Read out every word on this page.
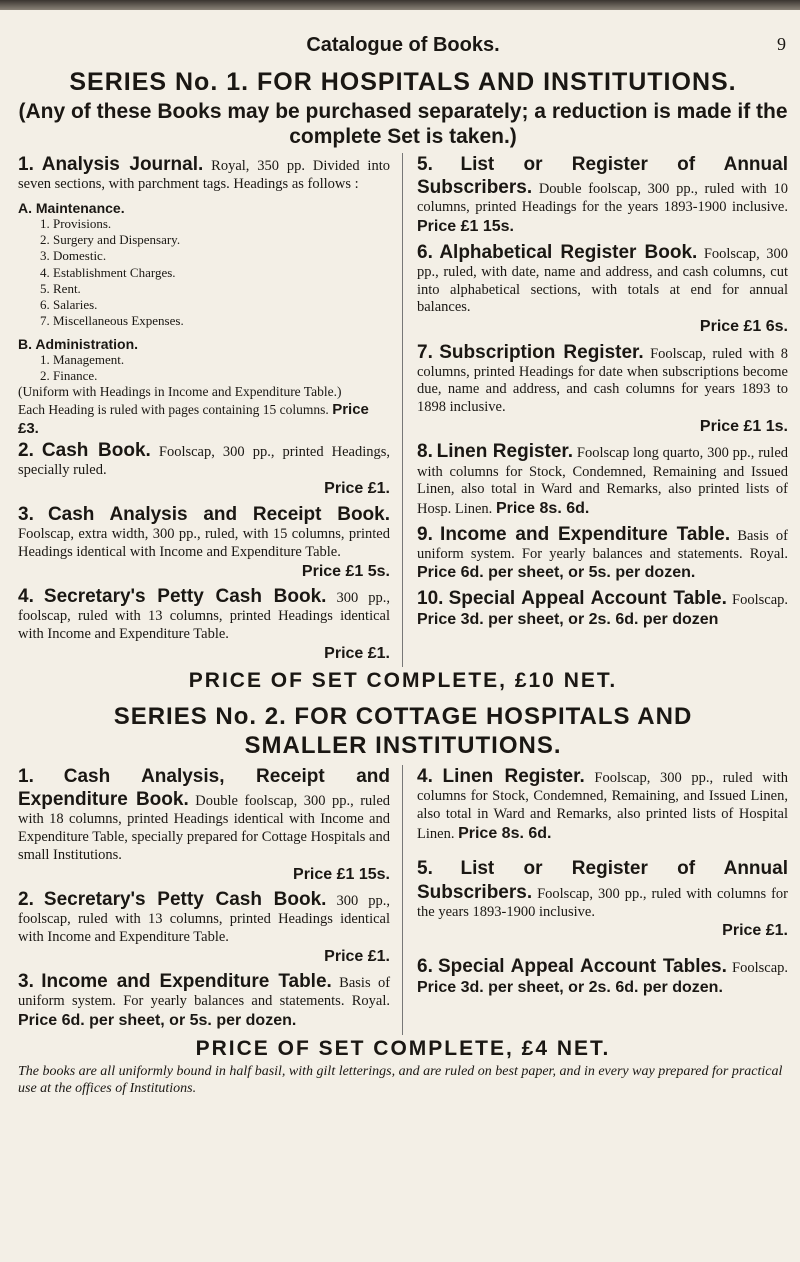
Catalogue of Books.	9
SERIES No. 1. FOR HOSPITALS AND INSTITUTIONS.
(Any of these Books may be purchased separately; a reduction is made if the complete Set is taken.)
1. Analysis Journal. Royal, 350 pp. Divided into seven sections, with parchment tags. Headings as follows :
A. Maintenance.
1. Provisions.
2. Surgery and Dispensary.
3. Domestic.
4. Establishment Charges.
5. Rent.
6. Salaries.
7. Miscellaneous Expenses.
B. Administration.
1. Management.
2. Finance.
(Uniform with Headings in Income and Expenditure Table.)
Each Heading is ruled with pages containing 15 columns. Price £3.
2. Cash Book. Foolscap, 300 pp., printed Headings, specially ruled.
Price £1.
3. Cash Analysis and Receipt Book. Foolscap, extra width, 300 pp., ruled, with 15 columns, printed Headings identical with Income and Expenditure Table.
Price £1 5s.
4. Secretary's Petty Cash Book. 300 pp., foolscap, ruled with 13 columns, printed Headings identical with Income and Expenditure Table.
Price £1.
5. List or Register of Annual Subscribers. Double foolscap, 300 pp., ruled with 10 columns, printed Headings for the years 1893-1900 inclusive. Price £1 15s.
6. Alphabetical Register Book. Foolscap, 300 pp., ruled, with date, name and address, and cash columns, cut into alphabetical sections, with totals at end for annual balances.
Price £1 6s.
7. Subscription Register. Foolscap, ruled with 8 columns, printed Headings for date when subscriptions become due, name and address, and cash columns for years 1893 to 1898 inclusive.
Price £1 1s.
8. Linen Register. Foolscap long quarto, 300 pp., ruled with columns for Stock, Condemned, Remaining and Issued Linen, also total in Ward and Remarks, also printed lists of Hosp. Linen. Price 8s. 6d.
9. Income and Expenditure Table. Basis of uniform system. For yearly balances and statements. Royal. Price 6d. per sheet, or 5s. per dozen.
10. Special Appeal Account Table. Foolscap. Price 3d. per sheet, or 2s. 6d. per dozen
PRICE OF SET COMPLETE, £10 NET.
SERIES No. 2. FOR COTTAGE HOSPITALS AND
SMALLER INSTITUTIONS.
1. Cash Analysis, Receipt and Expenditure Book. Double foolscap, 300 pp., ruled with 18 columns, printed Headings identical with Income and Expenditure Table, specially prepared for Cottage Hospitals and small Institutions.
Price £1 15s.
2. Secretary's Petty Cash Book. 300 pp., foolscap, ruled with 13 columns, printed Headings identical with Income and Expenditure Table.
Price £1.
3. Income and Expenditure Table. Basis of uniform system. For yearly balances and statements. Royal. Price 6d. per sheet, or 5s. per dozen.
4. Linen Register. Foolscap, 300 pp., ruled with columns for Stock, Condemned, Remaining, and Issued Linen, also total in Ward and Remarks, also printed lists of Hospital Linen. Price 8s. 6d.
5. List or Register of Annual Subscribers. Foolscap, 300 pp., ruled with columns for the years 1893-1900 inclusive.
Price £1.
6. Special Appeal Account Tables. Foolscap. Price 3d. per sheet, or 2s. 6d. per dozen.
PRICE OF SET COMPLETE, £4 NET.
The books are all uniformly bound in half basil, with gilt letterings, and are ruled on best paper, and in every way prepared for practical use at the offices of Institutions.
